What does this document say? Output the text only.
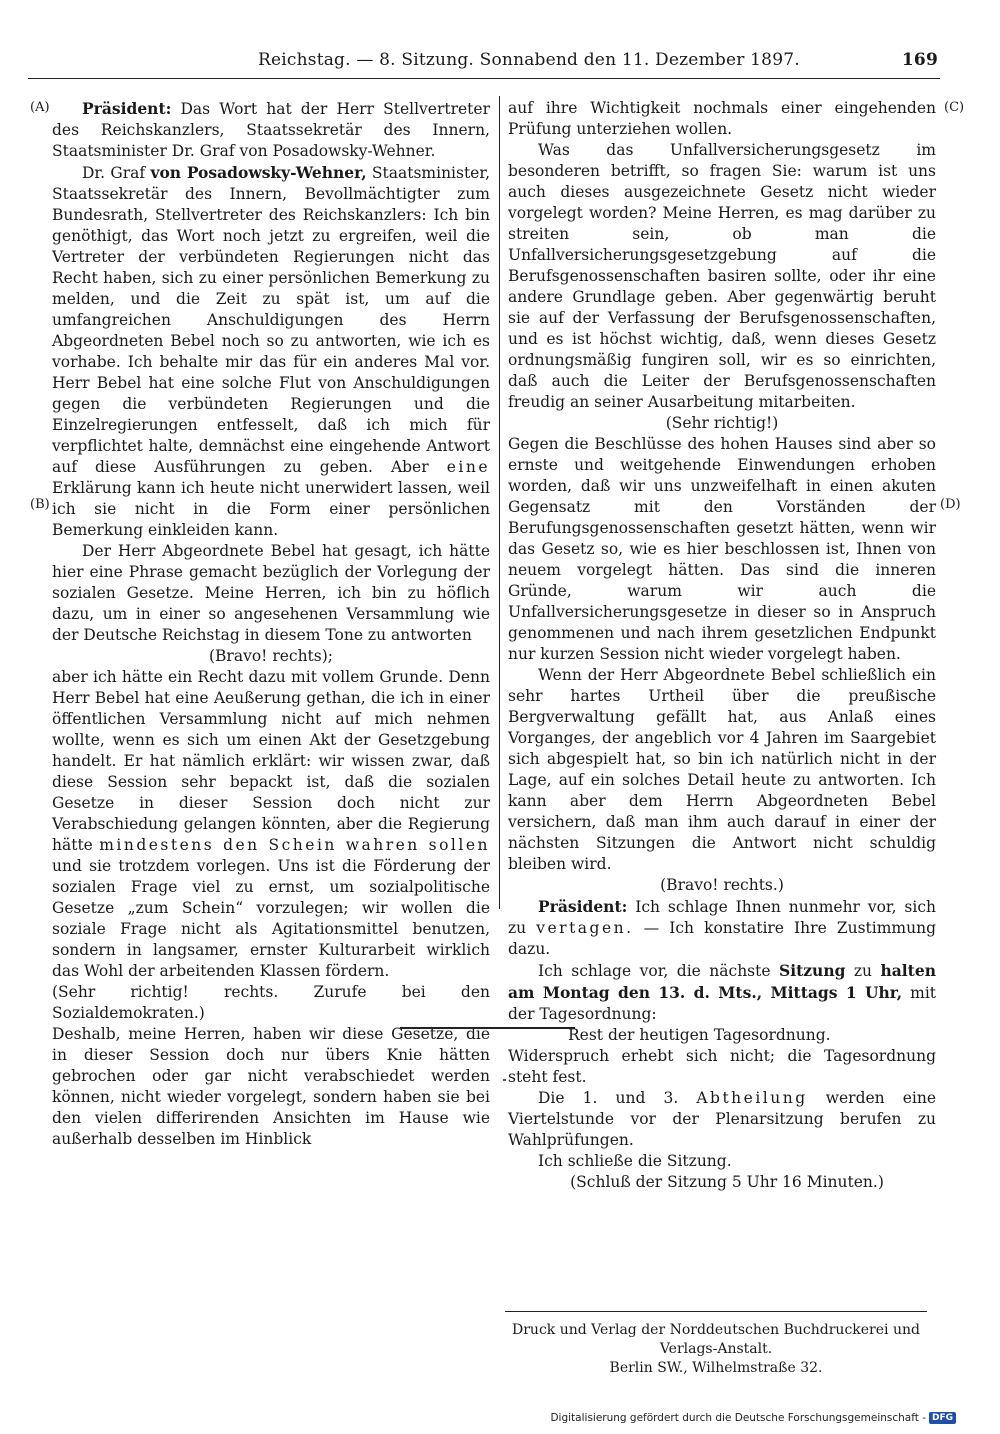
Reichstag. — 8. Sitzung. Sonnabend den 11. Dezember 1897.	169
(A)
(B)
(C)
(D)

Präsident: Das Wort hat der Herr Stellvertreter des Reichskanzlers, Staatssekretär des Innern, Staatsminister Dr. Graf von Posadowsky-Wehner.

Dr. Graf von Posadowsky-Wehner, Staatsminister, Staatssekretär des Innern, Bevollmächtigter zum Bundesrath, Stellvertreter des Reichskanzlers: Ich bin genöthigt, das Wort noch jetzt zu ergreifen, weil die Vertreter der verbündeten Regierungen nicht das Recht haben, sich zu einer persönlichen Bemerkung zu melden, und die Zeit zu spät ist, um auf die umfangreichen Anschuldigungen des Herrn Abgeordneten Bebel noch so zu antworten, wie ich es vorhabe. Ich behalte mir das für ein anderes Mal vor. Herr Bebel hat eine solche Flut von Anschuldigungen gegen die verbündeten Regierungen und die Einzelregierungen entfesselt, daß ich mich für verpflichtet halte, demnächst eine eingehende Antwort auf diese Ausführungen zu geben. Aber eine Erklärung kann ich heute nicht unerwidert lassen, weil ich sie nicht in die Form einer persönlichen Bemerkung einkleiden kann.

Der Herr Abgeordnete Bebel hat gesagt, ich hätte hier eine Phrase gemacht bezüglich der Vorlegung der sozialen Gesetze. Meine Herren, ich bin zu höflich dazu, um in einer so angesehenen Versammlung wie der Deutsche Reichstag in diesem Tone zu antworten

(Bravo! rechts);

aber ich hätte ein Recht dazu mit vollem Grunde. Denn Herr Bebel hat eine Aeußerung gethan, die ich in einer öffentlichen Versammlung nicht auf mich nehmen wollte, wenn es sich um einen Akt der Gesetzgebung handelt. Er hat nämlich erklärt: wir wissen zwar, daß diese Session sehr bepackt ist, daß die sozialen Gesetze in dieser Session doch nicht zur Verabschiedung gelangen könnten, aber die Regierung hätte mindestens den Schein wahren sollen und sie trotzdem vorlegen. Uns ist die Förderung der sozialen Frage viel zu ernst, um sozialpolitische Gesetze „zum Schein“ vorzulegen; wir wollen die soziale Frage nicht als Agitationsmittel benutzen, sondern in langsamer, ernster Kulturarbeit wirklich das Wohl der arbeitenden Klassen fördern.

(Sehr richtig! rechts. Zurufe bei den Sozialdemokraten.)

Deshalb, meine Herren, haben wir diese Gesetze, die in dieser Session doch nur übers Knie hätten gebrochen oder gar nicht verabschiedet werden können, nicht wieder vorgelegt, sondern haben sie bei den vielen differirenden Ansichten im Hause wie außerhalb desselben im Hinblick

auf ihre Wichtigkeit nochmals einer eingehenden Prüfung unterziehen wollen.

Was das Unfallversicherungsgesetz im besonderen betrifft, so fragen Sie: warum ist uns auch dieses ausgezeichnete Gesetz nicht wieder vorgelegt worden? Meine Herren, es mag darüber zu streiten sein, ob man die Unfallversicherungsgesetzgebung auf die Berufsgenossenschaften basiren sollte, oder ihr eine andere Grundlage geben. Aber gegenwärtig beruht sie auf der Verfassung der Berufsgenossenschaften, und es ist höchst wichtig, daß, wenn dieses Gesetz ordnungsmäßig fungiren soll, wir es so einrichten, daß auch die Leiter der Berufsgenossenschaften freudig an seiner Ausarbeitung mitarbeiten.

(Sehr richtig!)

Gegen die Beschlüsse des hohen Hauses sind aber so ernste und weitgehende Einwendungen erhoben worden, daß wir uns unzweifelhaft in einen akuten Gegensatz mit den Vorständen der Berufungsgenossenschaften gesetzt hätten, wenn wir das Gesetz so, wie es hier beschlossen ist, Ihnen von neuem vorgelegt hätten. Das sind die inneren Gründe, warum wir auch die Unfallversicherungsgesetze in dieser so in Anspruch genommenen und nach ihrem gesetzlichen Endpunkt nur kurzen Session nicht wieder vorgelegt haben.

Wenn der Herr Abgeordnete Bebel schließlich ein sehr hartes Urtheil über die preußische Bergverwaltung gefällt hat, aus Anlaß eines Vorganges, der angeblich vor 4 Jahren im Saargebiet sich abgespielt hat, so bin ich natürlich nicht in der Lage, auf ein solches Detail heute zu antworten. Ich kann aber dem Herrn Abgeordneten Bebel versichern, daß man ihm auch darauf in einer der nächsten Sitzungen die Antwort nicht schuldig bleiben wird.

(Bravo! rechts.)

Präsident: Ich schlage Ihnen nunmehr vor, sich zu vertagen. — Ich konstatire Ihre Zustimmung dazu.

Ich schlage vor, die nächste Sitzung zu halten am Montag den 13. d. Mts., Mittags 1 Uhr, mit der Tagesordnung:

Rest der heutigen Tagesordnung.

Widerspruch erhebt sich nicht; die Tagesordnung steht fest.

Die 1. und 3. Abtheilung werden eine Viertelstunde vor der Plenarsitzung berufen zu Wahlprüfungen.

Ich schließe die Sitzung.

(Schluß der Sitzung 5 Uhr 16 Minuten.)

Druck und Verlag der Norddeutschen Buchdruckerei und Verlags-Anstalt.
Berlin SW., Wilhelmstraße 32.
Digitalisierung gefördert durch die Deutsche Forschungsgemeinschaft - DFG
